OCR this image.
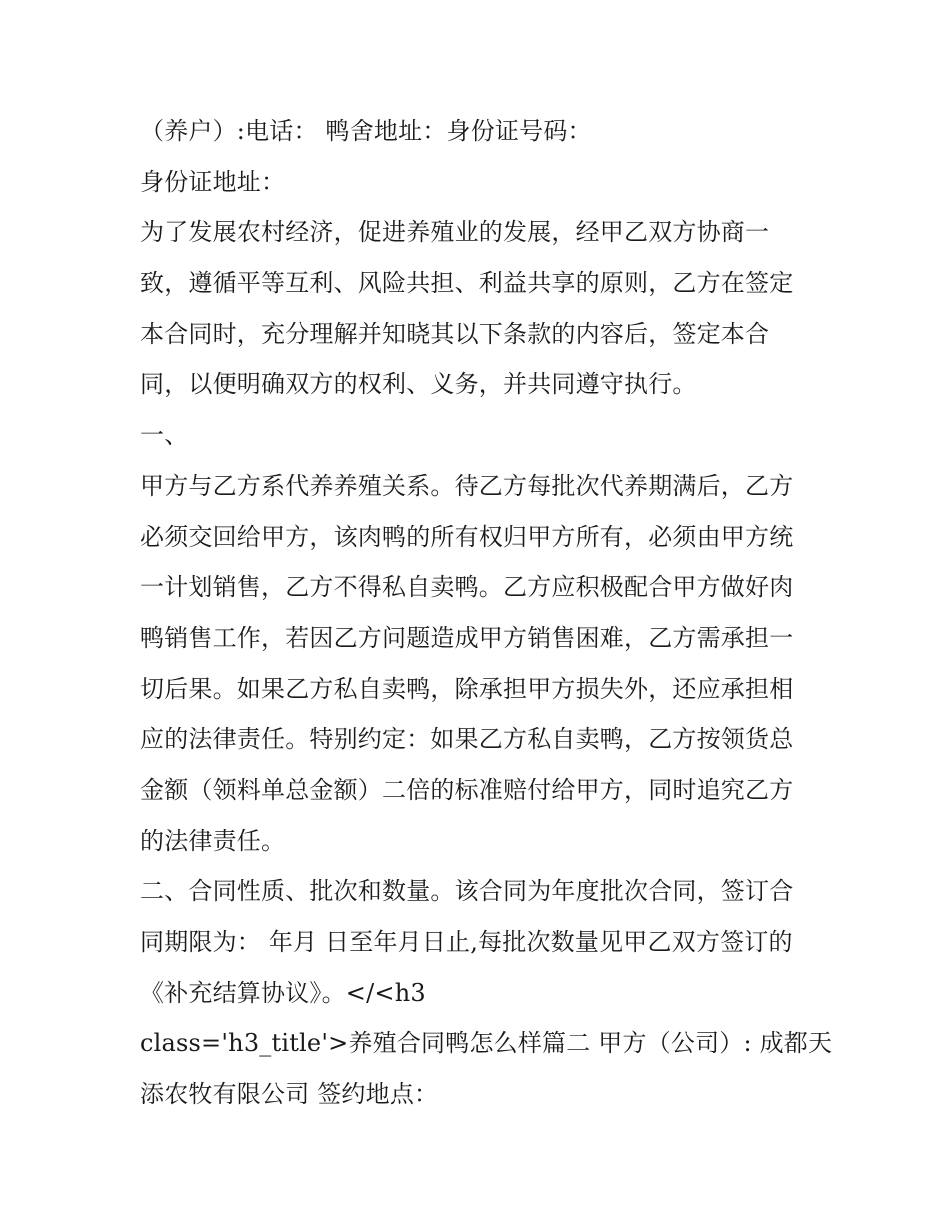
（养户）:电话： 鸭舍地址：身份证号码：
身份证地址：
为了发展农村经济，促进养殖业的发展，经甲乙双方协商一
致，遵循平等互利、风险共担、利益共享的原则，乙方在签定
本合同时，充分理解并知晓其以下条款的内容后，签定本合
同，以便明确双方的权利、义务，并共同遵守执行。
一、
甲方与乙方系代养养殖关系。待乙方每批次代养期满后，乙方
必须交回给甲方，该肉鸭的所有权归甲方所有，必须由甲方统
一计划销售，乙方不得私自卖鸭。乙方应积极配合甲方做好肉
鸭销售工作，若因乙方问题造成甲方销售困难，乙方需承担一
切后果。如果乙方私自卖鸭，除承担甲方损失外，还应承担相
应的法律责任。特别约定：如果乙方私自卖鸭，乙方按领货总
金额（领料单总金额）二倍的标准赔付给甲方，同时追究乙方
的法律责任。
二、合同性质、批次和数量。该合同为年度批次合同，签订合
同期限为： 年月 日至年月日止,每批次数量见甲乙双方签订的
《补充结算协议》。</<h3
class='h3_title'>养殖合同鸭怎么样篇二 甲方（公司）: 成都天
添农牧有限公司 签约地点：
